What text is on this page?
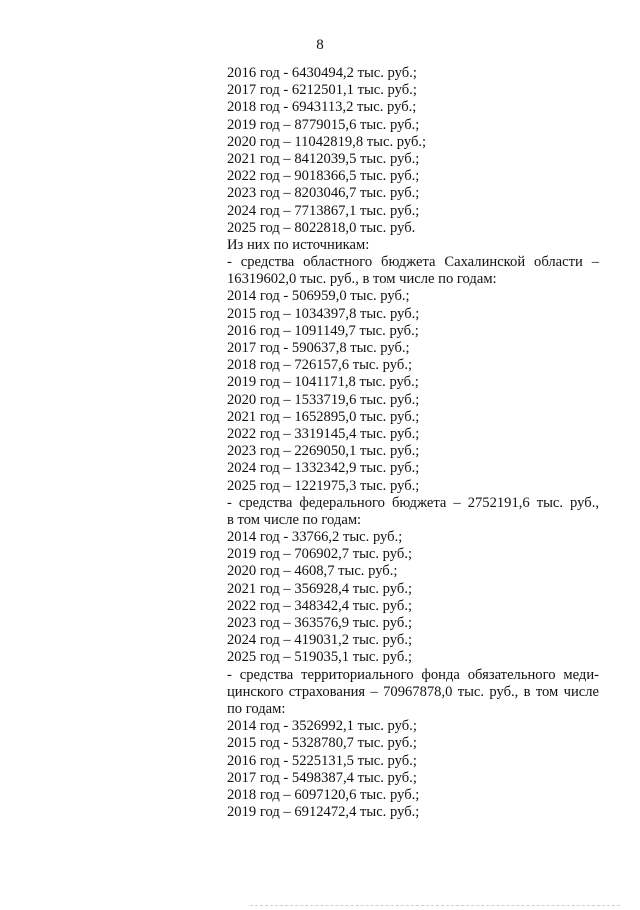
8
2016 год - 6430494,2 тыс. руб.;
2017 год - 6212501,1 тыс. руб.;
2018 год - 6943113,2 тыс. руб.;
2019 год – 8779015,6 тыс. руб.;
2020 год – 11042819,8 тыс. руб.;
2021 год – 8412039,5 тыс. руб.;
2022 год – 9018366,5 тыс. руб.;
2023 год – 8203046,7 тыс. руб.;
2024 год – 7713867,1 тыс. руб.;
2025 год – 8022818,0 тыс. руб.
Из них по источникам:
- средства областного бюджета Сахалинской области –
16319602,0 тыс. руб., в том числе по годам:
2014 год - 506959,0 тыс. руб.;
2015 год – 1034397,8 тыс. руб.;
2016 год – 1091149,7 тыс. руб.;
2017 год - 590637,8 тыс. руб.;
2018 год – 726157,6 тыс. руб.;
2019 год – 1041171,8 тыс. руб.;
2020 год – 1533719,6 тыс. руб.;
2021 год – 1652895,0 тыс. руб.;
2022 год – 3319145,4 тыс. руб.;
2023 год – 2269050,1 тыс. руб.;
2024 год – 1332342,9 тыс. руб.;
2025 год – 1221975,3 тыс. руб.;
- средства федерального бюджета – 2752191,6 тыс. руб.,
в том числе по годам:
2014 год - 33766,2 тыс. руб.;
2019 год – 706902,7 тыс. руб.;
2020 год – 4608,7 тыс. руб.;
2021 год – 356928,4 тыс. руб.;
2022 год – 348342,4 тыс. руб.;
2023 год – 363576,9 тыс. руб.;
2024 год – 419031,2 тыс. руб.;
2025 год – 519035,1 тыс. руб.;
- средства территориального фонда обязательного меди-
цинского страхования – 70967878,0 тыс. руб., в том числе
по годам:
2014 год - 3526992,1 тыс. руб.;
2015 год - 5328780,7 тыс. руб.;
2016 год - 5225131,5 тыс. руб.;
2017 год - 5498387,4 тыс. руб.;
2018 год – 6097120,6 тыс. руб.;
2019 год – 6912472,4 тыс. руб.;
